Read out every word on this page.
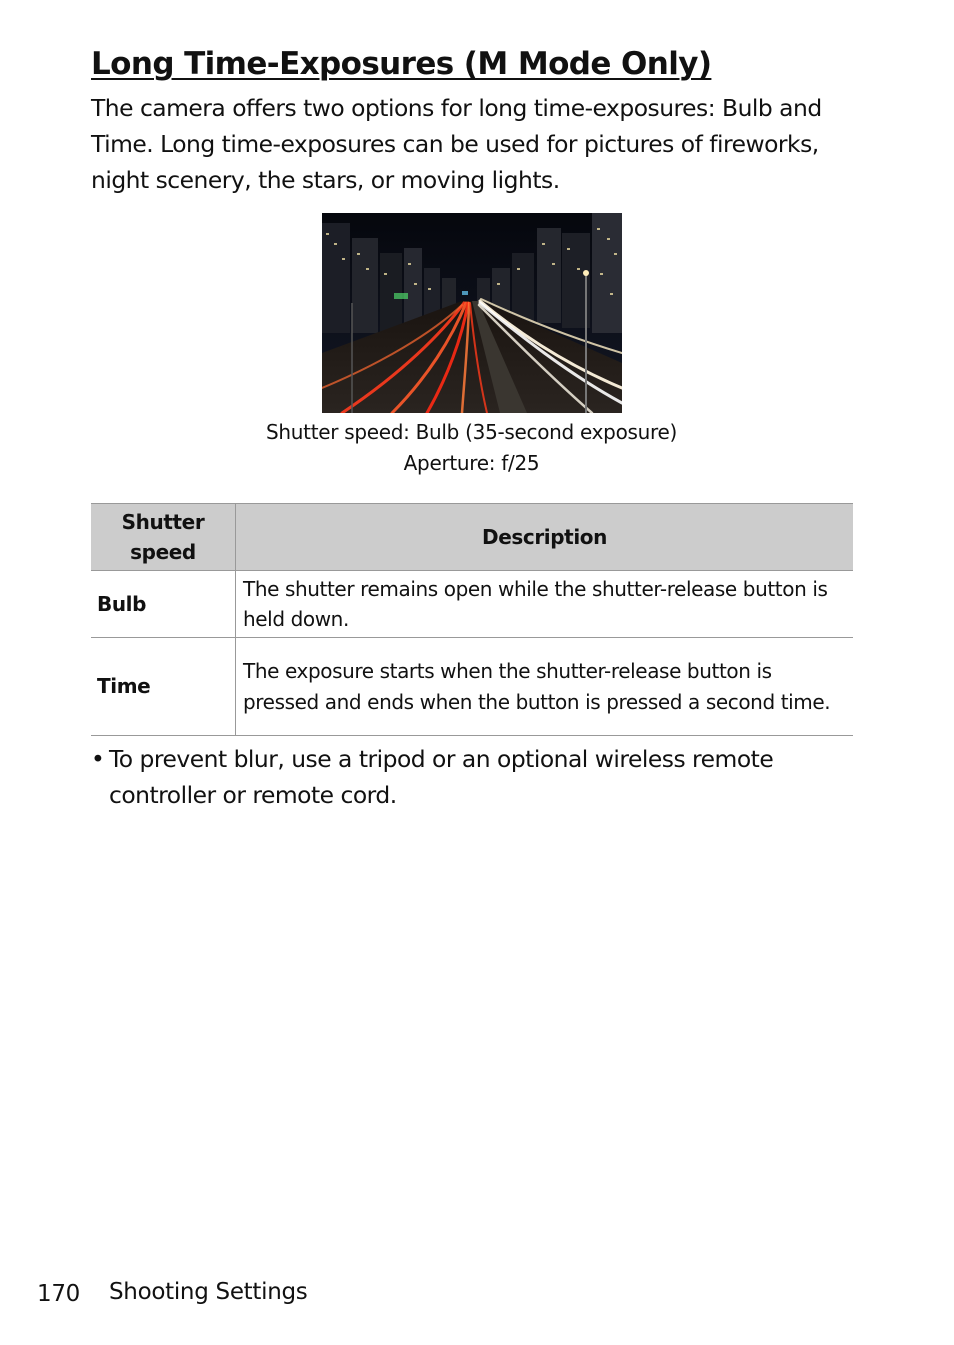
Long Time-Exposures (M Mode Only)

The camera offers two options for long time-exposures: Bulb and Time. Long time-exposures can be used for pictures of fireworks, night scenery, the stars, or moving lights.

Shutter speed: Bulb (35-second exposure)
Aperture: f/25
Shutter speed	Description
Bulb	The shutter remains open while the shutter-release button is held down.
Time	The exposure starts when the shutter-release button is pressed and ends when the button is pressed a second time.

• To prevent blur, use a tripod or an optional wireless remote controller or remote cord.

170 Shooting Settings
